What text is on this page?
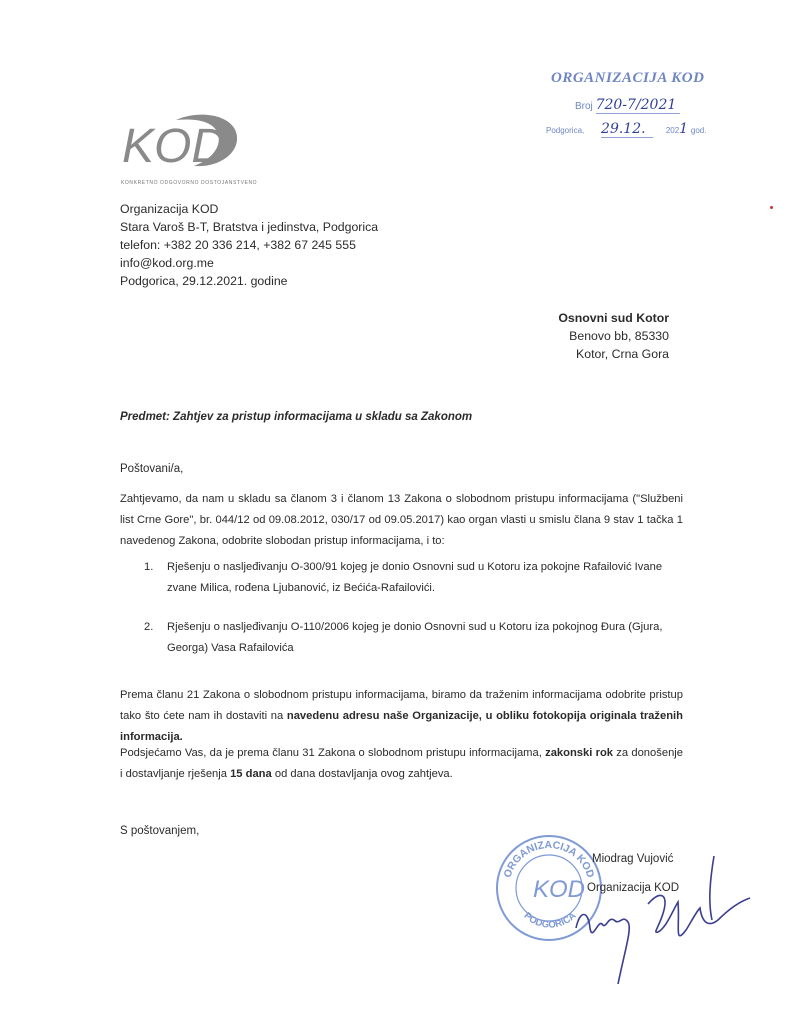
ORGANIZACIJA KOD
Broj 720-7/2021
Podgorica, 29.12.	2021 god.
KOD
KONKRETNO ODGOVORNO DOSTOJANSTVENO
Organizacija KOD
Stara Varoš B-T, Bratstva i jedinstva, Podgorica
telefon: +382 20 336 214, +382 67 245 555
info@kod.org.me
Podgorica, 29.12.2021. godine
Osnovni sud Kotor
Benovo bb, 85330
Kotor, Crna Gora
Predmet: Zahtjev za pristup informacijama u skladu sa Zakonom
Poštovani/a,
Zahtjevamo, da nam u skladu sa članom 3 i članom 13 Zakona o slobodnom pristupu informacijama ("Službeni list Crne Gore", br. 044/12 od 09.08.2012, 030/17 od 09.05.2017) kao organ vlasti u smislu člana 9 stav 1 tačka 1 navedenog Zakona, odobrite slobodan pristup informacijama, i to:
1. Rješenju o nasljeđivanju O-300/91 kojeg je donio Osnovni sud u Kotoru iza pokojne Rafailović Ivane zvane Milica, rođena Ljubanović, iz Bećića-Rafailovići.
2. Rješenju o nasljeđivanju O-110/2006 kojeg je donio Osnovni sud u Kotoru iza pokojnog Đura (Gjura, Georga) Vasa Rafailovića
Prema članu 21 Zakona o slobodnom pristupu informacijama, biramo da traženim informacijama odobrite pristup tako što ćete nam ih dostaviti na navedenu adresu naše Organizacije, u obliku fotokopija originala traženih informacija.
Podsjećamo Vas, da je prema članu 31 Zakona o slobodnom pristupu informacijama, zakonski rok za donošenje i dostavljanje rješenja 15 dana od dana dostavljanja ovog zahtjeva.
S poštovanjem,
ORGANIZACIJA KOD
PODGORICA
KOD
Miodrag Vujović
Organizacija KOD
